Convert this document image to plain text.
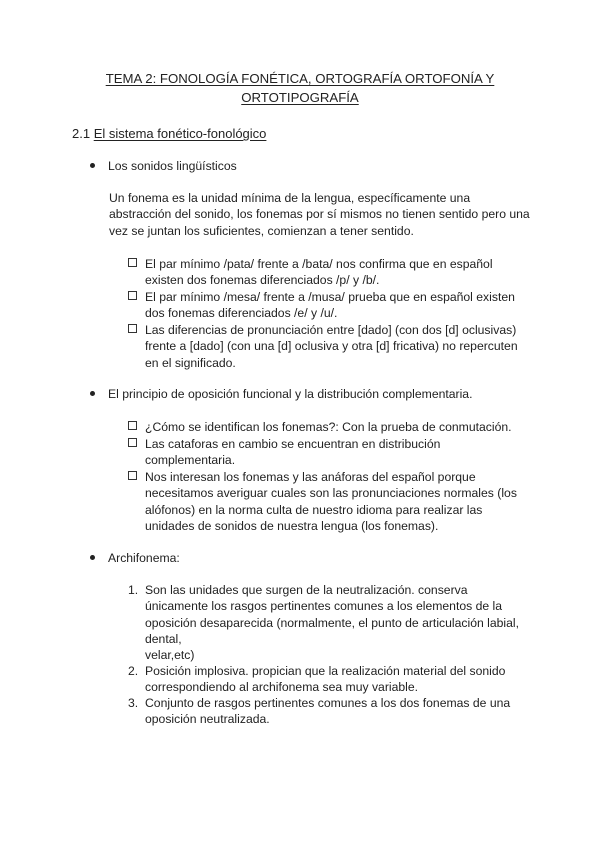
TEMA 2: FONOLOGÍA FONÉTICA, ORTOGRAFÍA ORTOFONÍA Y
ORTOTIPOGRAFÍA
2.1 El sistema fonético-fonológico
Los sonidos lingüísticos
Un fonema es la unidad mínima de la lengua, específicamente una
abstracción del sonido, los fonemas por sí mismos no tienen sentido pero una
vez se juntan los suficientes, comienzan a tener sentido.
El par mínimo /pata/ frente a /bata/ nos confirma que en español
existen dos fonemas diferenciados /p/ y /b/.
El par mínimo /mesa/ frente a /musa/ prueba que en español existen
dos fonemas diferenciados /e/ y /u/.
Las diferencias de pronunciación entre [dado] (con dos [d] oclusivas)
frente a [dado] (con una [d] oclusiva y otra [d] fricativa) no repercuten
en el significado.
El principio de oposición funcional y la distribución complementaria.
¿Cómo se identifican los fonemas?: Con la prueba de conmutación.
Las cataforas en cambio se encuentran en distribución
complementaria.
Nos interesan los fonemas y las anáforas del español porque
necesitamos averiguar cuales son las pronunciaciones normales (los
alófonos) en la norma culta de nuestro idioma para realizar las
unidades de sonidos de nuestra lengua (los fonemas).
Archifonema:
1. Son las unidades que surgen de la neutralización. conserva
únicamente los rasgos pertinentes comunes a los elementos de la
oposición desaparecida (normalmente, el punto de articulación labial,
dental,
velar,etc)
2. Posición implosiva. propician que la realización material del sonido
correspondiendo al archifonema sea muy variable.
3. Conjunto de rasgos pertinentes comunes a los dos fonemas de una
oposición neutralizada.
